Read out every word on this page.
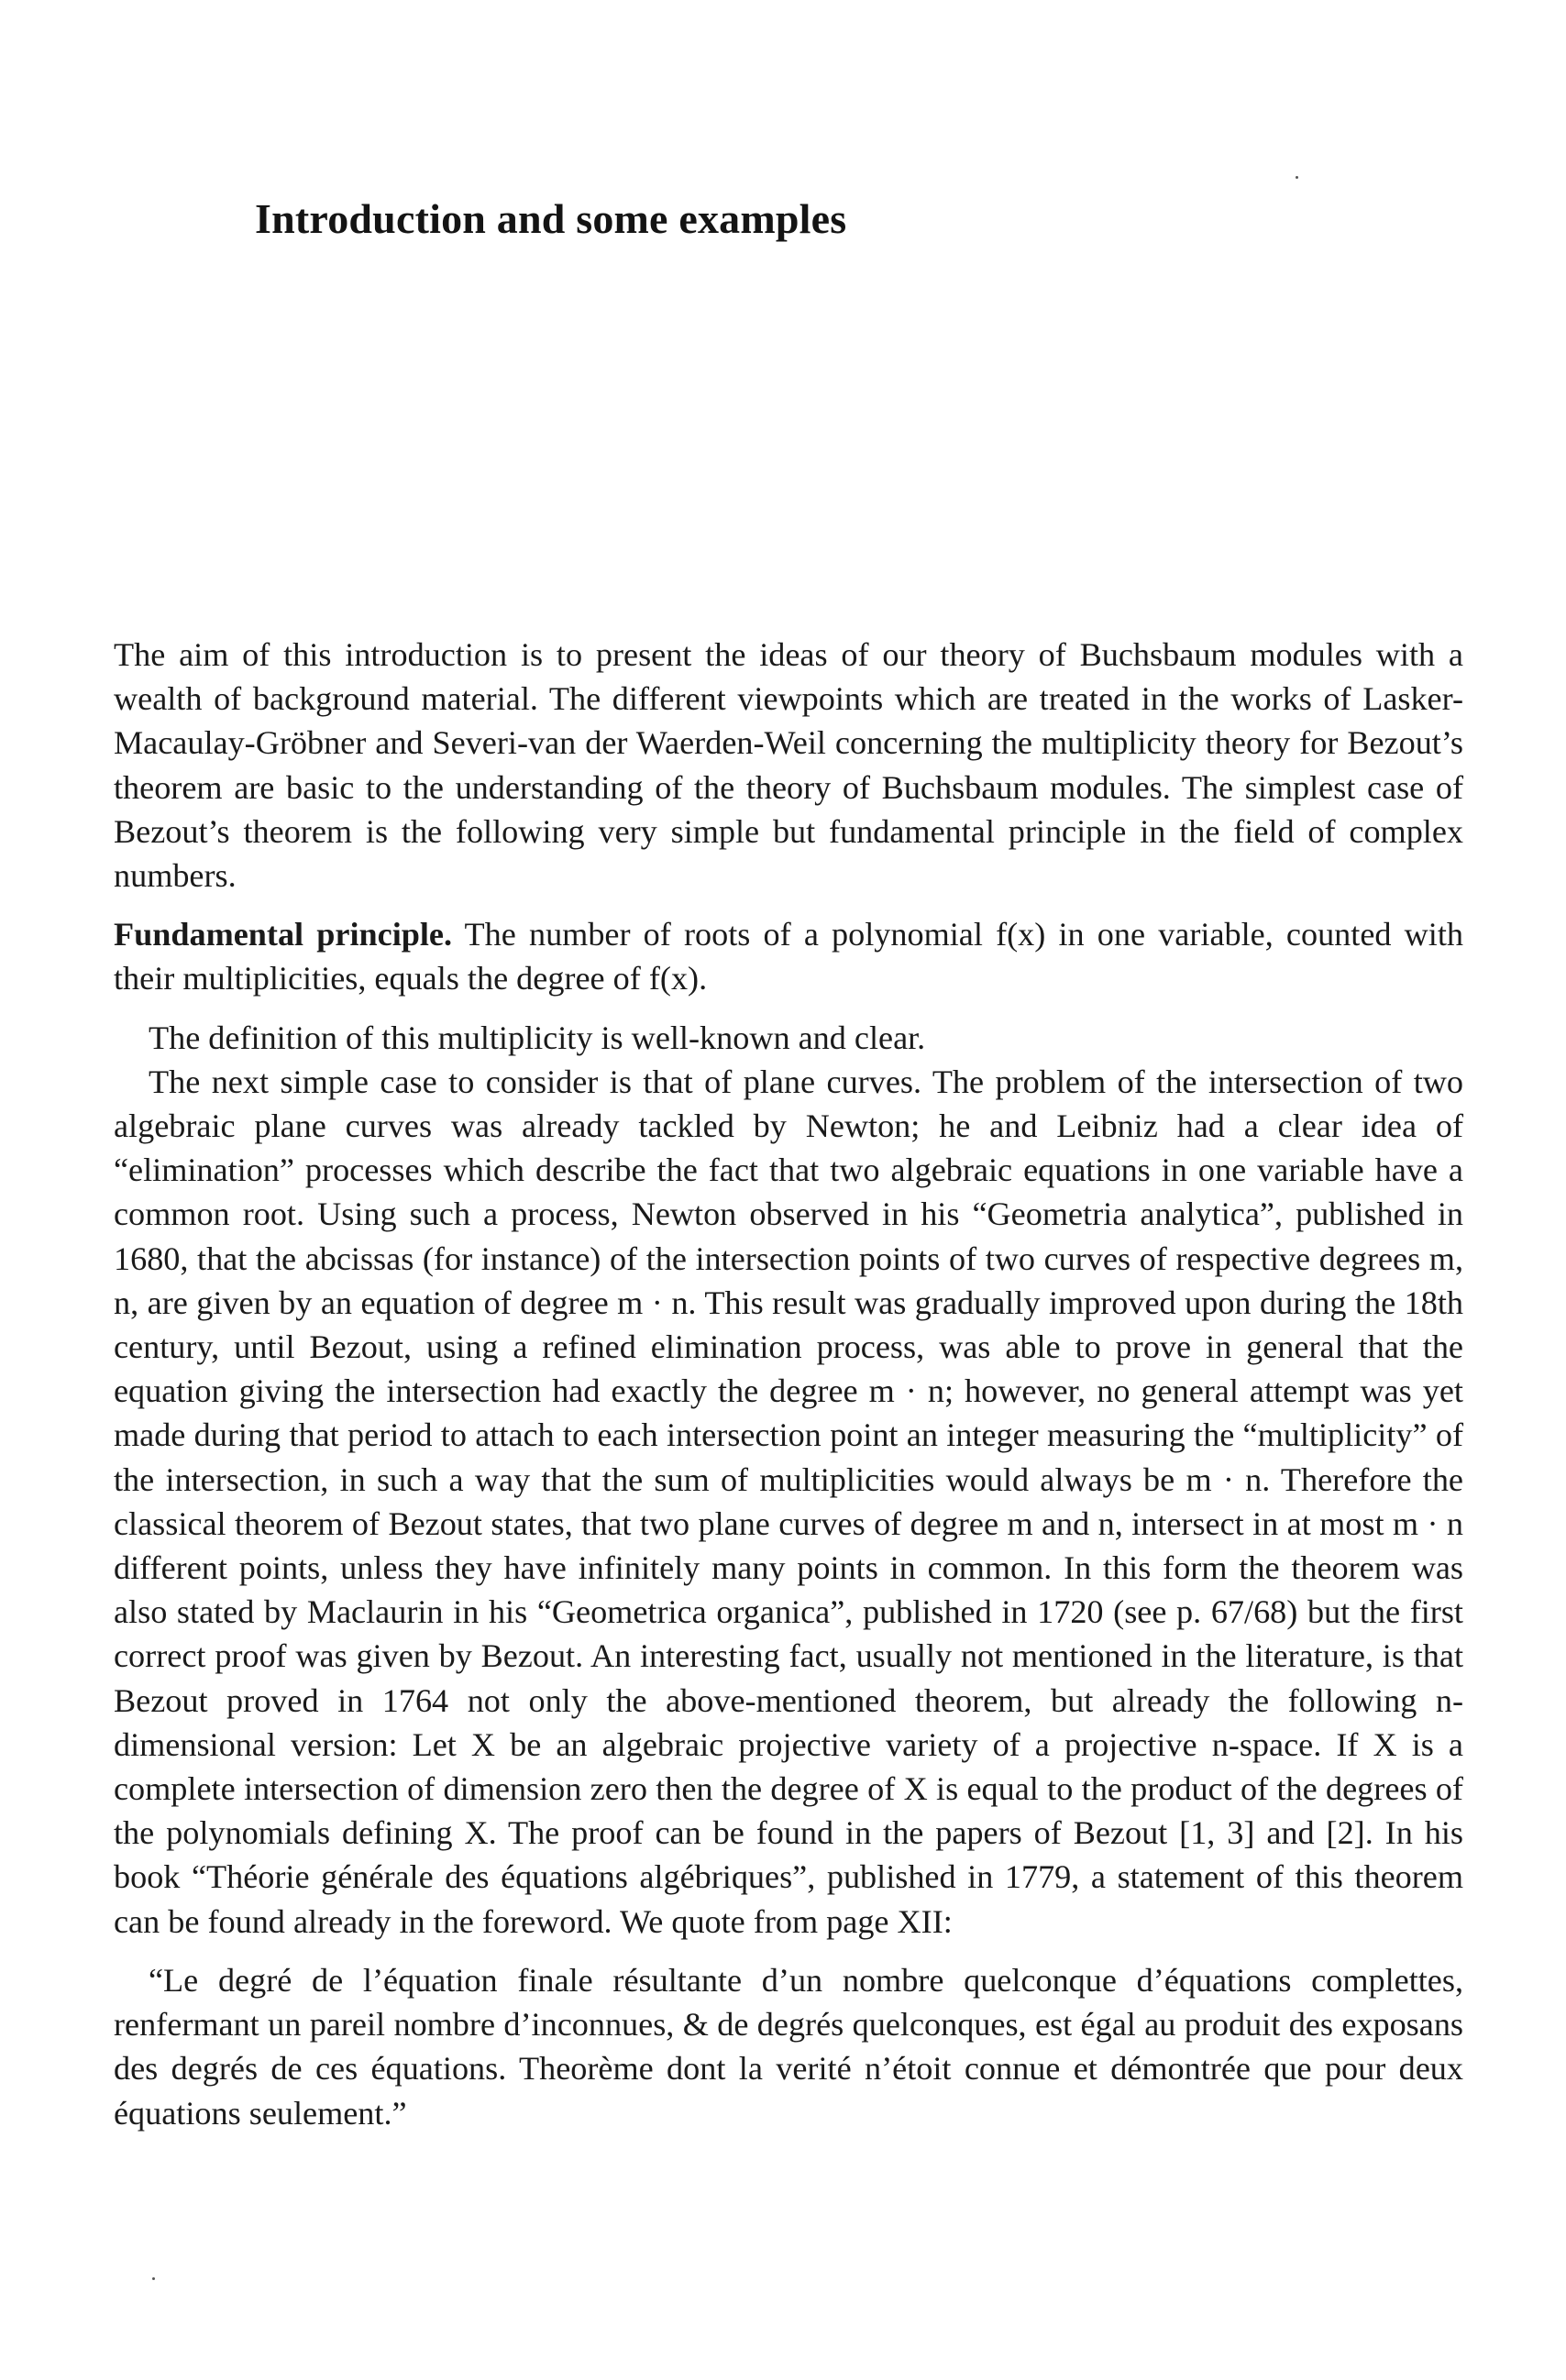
Introduction and some examples

The aim of this introduction is to present the ideas of our theory of Buchsbaum modules with a wealth of background material. The different viewpoints which are treated in the works of Lasker-Macaulay-Gröbner and Severi-van der Waerden-Weil concerning the multiplicity theory for Bezout’s theorem are basic to the understanding of the theory of Buchsbaum modules. The simplest case of Bezout’s theorem is the following very simple but fundamental principle in the field of complex numbers.

Fundamental principle. The number of roots of a polynomial f(x) in one variable, counted with their multiplicities, equals the degree of f(x).

The definition of this multiplicity is well-known and clear.

The next simple case to consider is that of plane curves. The problem of the intersection of two algebraic plane curves was already tackled by Newton; he and Leibniz had a clear idea of “elimination” processes which describe the fact that two algebraic equations in one variable have a common root. Using such a process, Newton observed in his “Geometria analytica”, published in 1680, that the abcissas (for instance) of the intersection points of two curves of respective degrees m, n, are given by an equation of degree m · n. This result was gradually improved upon during the 18th century, until Bezout, using a refined elimination process, was able to prove in general that the equation giving the intersection had exactly the degree m · n; however, no general attempt was yet made during that period to attach to each intersection point an integer measuring the “multiplicity” of the intersection, in such a way that the sum of multiplicities would always be m · n. Therefore the classical theorem of Bezout states, that two plane curves of degree m and n, intersect in at most m · n different points, unless they have infinitely many points in common. In this form the theorem was also stated by Maclaurin in his “Geometrica organica”, published in 1720 (see p. 67/68) but the first correct proof was given by Bezout. An interesting fact, usually not mentioned in the literature, is that Bezout proved in 1764 not only the above-mentioned theorem, but already the following n-dimensional version: Let X be an algebraic projective variety of a projective n-space. If X is a complete intersection of dimension zero then the degree of X is equal to the product of the degrees of the polynomials defining X. The proof can be found in the papers of Bezout [1, 3] and [2]. In his book “Théorie générale des équations algébriques”, published in 1779, a statement of this theorem can be found already in the foreword. We quote from page XII:

“Le degré de l’équation finale résultante d’un nombre quelconque d’équations complettes, renfermant un pareil nombre d’inconnues, & de degrés quelconques, est égal au produit des exposans des degrés de ces équations. Theorème dont la verité n’étoit connue et démontrée que pour deux équations seulement.”
